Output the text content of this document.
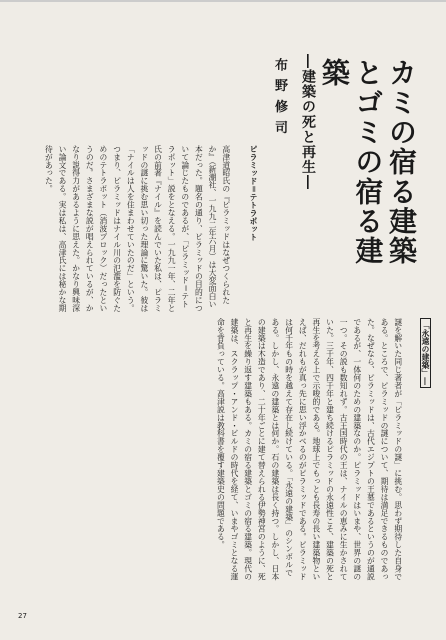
カミの宿る建築とゴミの宿る建築
―建築の死と再生―
布野修司
ピラミッド＝テトラポット

高津道昭氏の『ピラミッドはなぜつくられたか』（新潮社、一九九二年六月）は大変面白い本だった。題名の通り、ピラミッドの目的について論じたものであるが、「ピラミッド＝テトラポット」説をとなえる。一九九一年、二年と氏の前著『ナイル』を読んでいた私は、ピラミッドの謎に挑む思い切った理論に驚いた。彼は「ナイルは人を住まわせていたのだ」という。つまり、ピラミッドはナイル川の氾濫を防ぐためのテトラポット（消波ブロック）だったというのだ。さまざまな説が唱えられているが、かなり説得力があるように思えた。かなり興味深い論文である。実は私は、高津氏には秘かな期待があった。
「永遠の建築」―

謎を解いた同じ著者が「ピラミッドの謎」に挑む。思わず期待した自身である。ところで、ピラミッドの謎について、期待は満足できるものであった。なぜなら、ピラミッドは、古代エジプトの王墓であるというのが通説であるが、一体何のための建築なのか。ピラミッドはいまや、世界の謎の一つ。その説も数知れず。古王国時代の王は、ナイルの恵みに生かされていた。三千年、四千年と建ち続けるピラミッドの永遠性こそ、建築の死と再生を考える上で示唆的である。地球上でもっとも長寿の長い建築物といえば、だれもが真っ先に思い浮かべるのがピラミッドである。ピラミッドは何千年もの時を越えて存在し続けている。「永遠の建築」のシンボルである。しかし、永遠の建築とは何か。石の建築は長く持つ。しかし、日本の建築は木造であり、二十年ごとに建て替えられる伊勢神宮のように、死と再生を繰り返す建築もある。カミの宿る建築とゴミの宿る建築。現代の建築は、スクラップ・アンド・ビルドの時代を経て、いまやゴミとなる運命を背負っている。高津説は教科書を覆す建築史の問題である。
27
